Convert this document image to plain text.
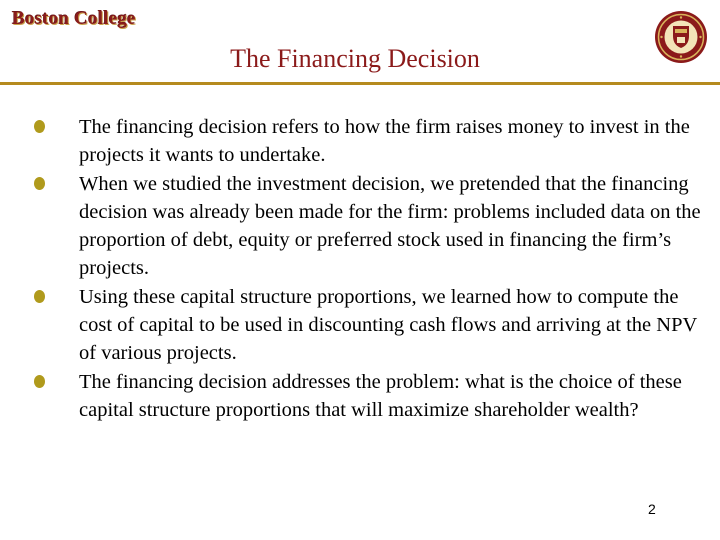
Boston College
The Financing Decision
The financing decision refers to how the firm raises money to invest in the projects it wants to undertake.
When we studied the investment decision, we pretended that the financing decision was already been made for the firm: problems included data on the proportion of debt, equity or preferred stock used in financing the firm’s projects.
Using these capital structure proportions, we learned how to compute the cost of capital to be used in discounting cash flows and arriving at the NPV of various projects.
The financing decision addresses the problem: what is the choice of these capital structure proportions that will maximize shareholder wealth?
2
